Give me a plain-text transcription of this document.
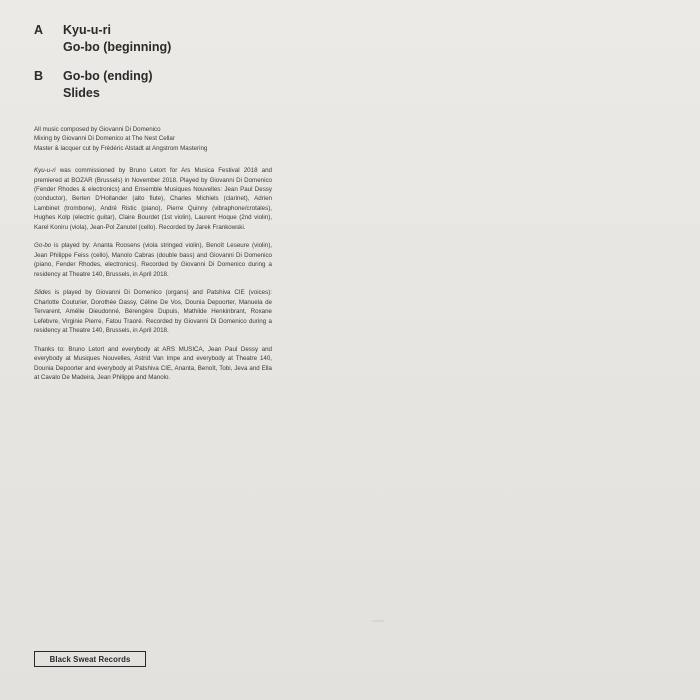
A	Kyu-u-ri
Go-bo (beginning)
B	Go-bo (ending)
Slides

All music composed by Giovanni Di Domenico

Mixing by Giovanni Di Domenico at The Nest Cellar

Master & lacquer cut by Frédéric Alstadt at Angstrom Mastering

Kyu-u-ri was commissioned by Bruno Letort for Ars Musica Festival 2018 and premiered at BOZAR (Brussels) in November 2018. Played by Giovanni Di Domenico (Fender Rhodes & electronics) and Ensemble Musiques Nouvelles: Jean Paul Dessy (conductor), Berten D'Hollander (alto flute), Charles Michiels (clarinet), Adrien Lambinet (trombone), André Ristic (piano), Pierre Quinny (vibraphone/crotales), Hughes Kolp (electric guitar), Claire Bourdet (1st violin), Laurent Hoque (2nd violin), Karel Koniru (viola), Jean-Pol Zanutel (cello). Recorded by Jarek Frankowski.

Go-bo is played by: Ananta Roosens (viola stringed violin), Benoît Leseure (violin), Jean Philippe Feiss (cello), Manolo Cabras (double bass) and Giovanni Di Domenico (piano, Fender Rhodes, electronics). Recorded by Giovanni Di Domenico during a residency at Theatre 140, Brussels, in April 2018.

Slides is played by Giovanni Di Domenico (organs) and Patshiva CIE (voices): Charlotte Couturier, Dorothée Dassy, Céline De Vos, Dounia Depoorter, Manuela de Tervarent, Amélie Dieudonné, Bérengère Dupuis, Mathilde Henkinbrant, Roxane Lefebvre, Virginie Pierre, Fatou Traoré. Recorded by Giovanni Di Domenico during a residency at Theatre 140, Brussels, in April 2018.

Thanks to: Bruno Letort and everybody at ARS MUSICA, Jean Paul Dessy and everybody at Musiques Nouvelles, Astrid Van Impe and everybody at Theatre 140, Dounia Depoorter and everybody at Patshiva CIE, Ananta, Benoît, Tobi, Jeva and Ella at Cavalo De Madeira, Jean Philippe and Manolo.

Black Sweat Records
